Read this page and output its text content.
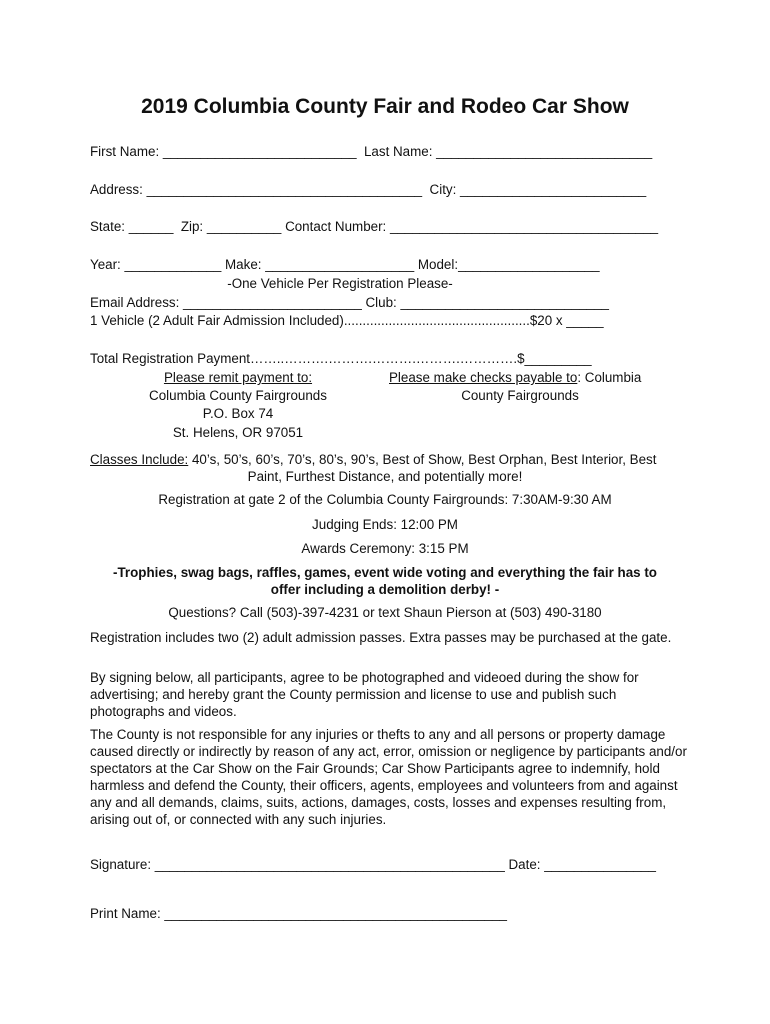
2019 Columbia County Fair and Rodeo Car Show
First Name: __________________________  Last Name: _____________________________
Address: _____________________________________  City: _________________________
State: ______  Zip: __________ Contact Number: ____________________________________
Year: _____________ Make: ____________________ Model:___________________
-One Vehicle Per Registration Please-
Email Address: ________________________ Club: ____________________________
1 Vehicle (2 Adult Fair Admission Included)..................................................$20 x _____
Total Registration Payment……..……….……….……….……….………….$_________
Please remit payment to:
Columbia County Fairgrounds
P.O. Box 74
St. Helens, OR 97051
Please make checks payable to: Columbia
County Fairgrounds
Classes Include: 40’s, 50’s, 60’s, 70’s, 80’s, 90’s, Best of Show, Best Orphan, Best Interior, Best
Paint, Furthest Distance, and potentially more!
Registration at gate 2 of the Columbia County Fairgrounds: 7:30AM-9:30 AM
Judging Ends: 12:00 PM
Awards Ceremony: 3:15 PM
-Trophies, swag bags, raffles, games, event wide voting and everything the fair has to
offer including a demolition derby! -
Questions? Call (503)-397-4231 or text Shaun Pierson at (503) 490-3180
Registration includes two (2) adult admission passes. Extra passes may be purchased at the gate.
By signing below, all participants, agree to be photographed and videoed during the show for advertising; and hereby grant the County permission and license to use and publish such photographs and videos.
The County is not responsible for any injuries or thefts to any and all persons or property damage caused directly or indirectly by reason of any act, error, omission or negligence by participants and/or spectators at the Car Show on the Fair Grounds; Car Show Participants agree to indemnify, hold harmless and defend the County, their officers, agents, employees and volunteers from and against any and all demands, claims, suits, actions, damages, costs, losses and expenses resulting from, arising out of, or connected with any such injuries.
Signature: _______________________________________________ Date: _______________
Print Name: ______________________________________________
